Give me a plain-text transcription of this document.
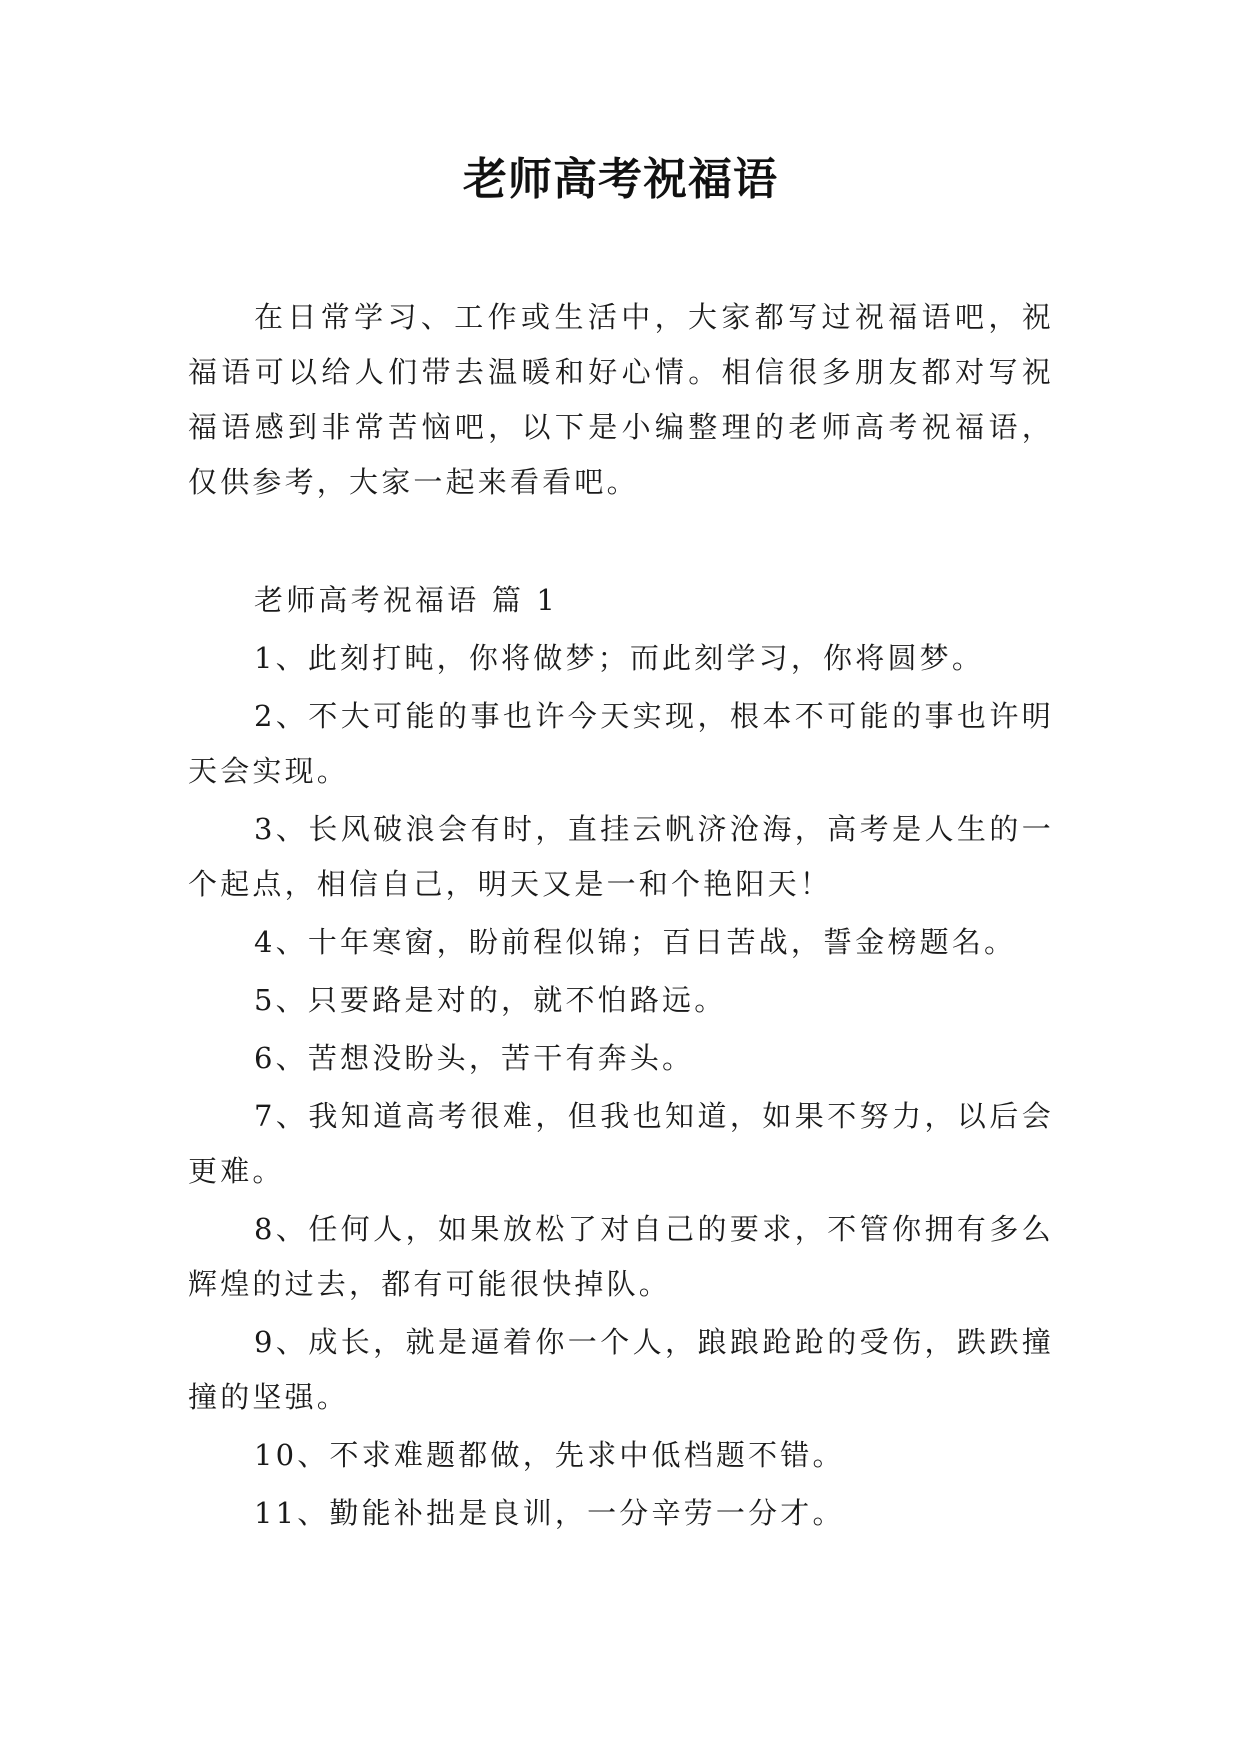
老师高考祝福语

在日常学习、工作或生活中，大家都写过祝福语吧，祝福语可以给人们带去温暖和好心情。相信很多朋友都对写祝福语感到非常苦恼吧，以下是小编整理的老师高考祝福语，仅供参考，大家一起来看看吧。

老师高考祝福语 篇 1

1、此刻打盹，你将做梦；而此刻学习，你将圆梦。

2、不大可能的事也许今天实现，根本不可能的事也许明天会实现。

3、长风破浪会有时，直挂云帆济沧海，高考是人生的一个起点，相信自己，明天又是一和个艳阳天！

4、十年寒窗，盼前程似锦；百日苦战，誓金榜题名。

5、只要路是对的，就不怕路远。

6、苦想没盼头，苦干有奔头。

7、我知道高考很难，但我也知道，如果不努力，以后会更难。

8、任何人，如果放松了对自己的要求，不管你拥有多么辉煌的过去，都有可能很快掉队。

9、成长，就是逼着你一个人，踉踉跄跄的受伤，跌跌撞撞的坚强。

10、不求难题都做，先求中低档题不错。

11、勤能补拙是良训，一分辛劳一分才。
